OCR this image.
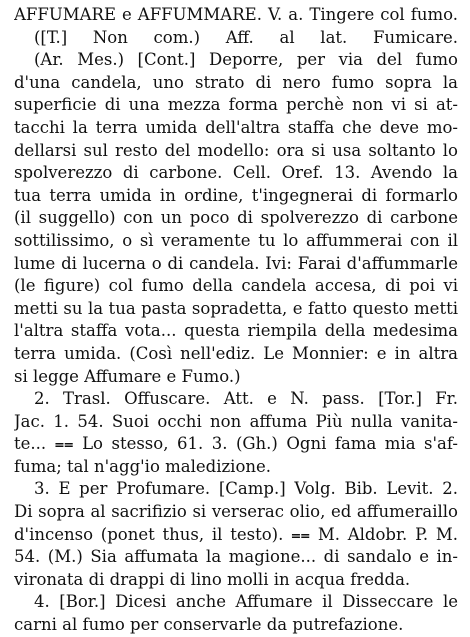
AFFUMARE e AFFUMMARE. V. a. Tingere col fumo.
([T.] Non com.) Aff. al lat. Fumicare.
(Ar. Mes.) [Cont.] Deporre, per via del fumo
d'una candela, uno strato di nero fumo sopra la
superficie di una mezza forma perchè non vi si at-
tacchi la terra umida dell'altra staffa che deve mo-
dellarsi sul resto del modello: ora si usa soltanto lo
spolverezzo di carbone. Cell. Oref. 13. Avendo la
tua terra umida in ordine, t'ingegnerai di formarlo
(il suggello) con un poco di spolverezzo di carbone
sottilissimo, o sì veramente tu lo affummerai con il
lume di lucerna o di candela. Ivi: Farai d'affummarle
(le figure) col fumo della candela accesa, di poi vi
metti su la tua pasta sopradetta, e fatto questo metti
l'altra staffa vota... questa riempila della medesima
terra umida. (Così nell'ediz. Le Monnier: e in altra
si legge Affumare e Fumo.)
2. Trasl. Offuscare. Att. e N. pass. [Tor.] Fr.
Jac. 1. 54. Suoi occhi non affuma Più nulla vanita-
te... ⩵ Lo stesso, 61. 3. (Gh.) Ogni fama mia s'af-
fuma; tal n'agg'io maledizione.
3. E per Profumare. [Camp.] Volg. Bib. Levit. 2.
Di sopra al sacrifizio si verserac olio, ed affumeraillo
d'incenso (ponet thus, il testo). ⩵ M. Aldobr. P. M.
54. (M.) Sia affumata la magione... di sandalo e in-
vironata di drappi di lino molli in acqua fredda.
4. [Bor.] Dicesi anche Affumare il Disseccare le
carni al fumo per conservarle da putrefazione.
